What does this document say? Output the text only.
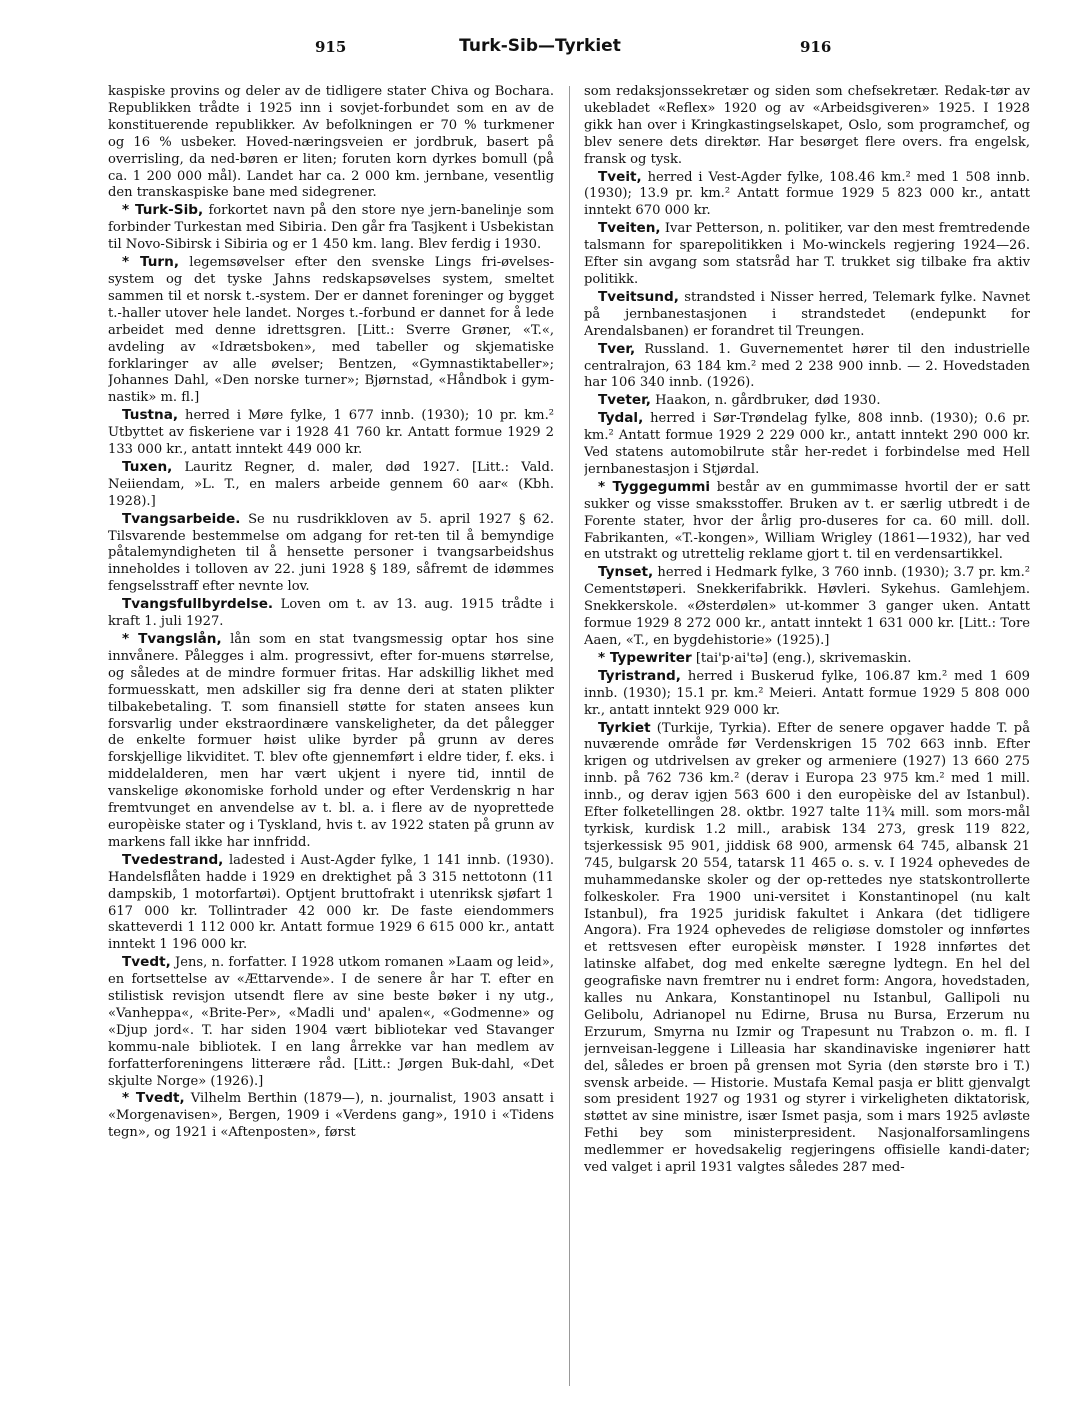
915	Turk-Sib—Tyrkiet	916

kaspiske provins og deler av de tidligere stater Chiva og Bochara. Republikken trådte i 1925 inn i sovjet-forbundet som en av de konstituerende republikker. Av befolkningen er 70 % turkmener og 16 % usbeker. Hoved-næringsveien er jordbruk, basert på overrisling, da ned-børen er liten; foruten korn dyrkes bomull (på ca. 1 200 000 mål). Landet har ca. 2 000 km. jernbane, vesentlig den transkaspiske bane med sidegrener.

* Turk-Sib, forkortet navn på den store nye jern-banelinje som forbinder Turkestan med Sibiria. Den går fra Tasjkent i Usbekistan til Novo-Sibirsk i Sibiria og er 1 450 km. lang. Blev ferdig i 1930.

* Turn, legemsøvelser efter den svenske Lings fri-øvelses-system og det tyske Jahns redskapsøvelses system, smeltet sammen til et norsk t.-system. Der er dannet foreninger og bygget t.-haller utover hele landet. Norges t.-forbund er dannet for å lede arbeidet med denne idrettsgren. [Litt.: Sverre Grøner, «T.«, avdeling av «Idrætsboken», med tabeller og skjematiske forklaringer av alle øvelser; Bentzen, «Gymnastiktabeller»; Johannes Dahl, «Den norske turner»; Bjørnstad, «Håndbok i gym-nastik» m. fl.]

Tustna, herred i Møre fylke, 1 677 innb. (1930); 10 pr. km.² Utbyttet av fiskeriene var i 1928 41 760 kr. Antatt formue 1929 2 133 000 kr., antatt inntekt 449 000 kr.

Tuxen, Lauritz Regner, d. maler, død 1927. [Litt.: Vald. Neiiendam, »L. T., en malers arbeide gennem 60 aar« (Kbh. 1928).]

Tvangsarbeide. Se nu rusdrikkloven av 5. april 1927 § 62. Tilsvarende bestemmelse om adgang for ret-ten til å bemyndige påtalemyndigheten til å hensette personer i tvangsarbeidshus inneholdes i tolloven av 22. juni 1928 § 189, såfremt de idømmes fengselsstraff efter nevnte lov.

Tvangsfullbyrdelse. Loven om t. av 13. aug. 1915 trådte i kraft 1. juli 1927.

* Tvangslån, lån som en stat tvangsmessig optar hos sine innvånere. Pålegges i alm. progressivt, efter for-muens størrelse, og således at de mindre formuer fritas. Har adskillig likhet med formuesskatt, men adskiller sig fra denne deri at staten plikter tilbakebetaling. T. som finansiell støtte for staten ansees kun forsvarlig under ekstraordinære vanskeligheter, da det pålegger de enkelte formuer høist ulike byrder på grunn av deres forskjellige likviditet. T. blev ofte gjennemført i eldre tider, f. eks. i middelalderen, men har vært ukjent i nyere tid, inntil de vanskelige økonomiske forhold under og efter Verdenskrig n har fremtvunget en anvendelse av t. bl. a. i flere av de nyoprettede europèiske stater og i Tyskland, hvis t. av 1922 staten på grunn av markens fall ikke har innfridd.

Tvedestrand, ladested i Aust-Agder fylke, 1 141 innb. (1930). Handelsflåten hadde i 1929 en drektighet på 3 315 nettotonn (11 dampskib, 1 motorfartøi). Optjent bruttofrakt i utenriksk sjøfart 1 617 000 kr. Tollintrader 42 000 kr. De faste eiendommers skatteverdi 1 112 000 kr. Antatt formue 1929 6 615 000 kr., antatt inntekt 1 196 000 kr.

Tvedt, Jens, n. forfatter. I 1928 utkom romanen »Laam og leid», en fortsettelse av «Ættarvende». I de senere år har T. efter en stilistisk revisjon utsendt flere av sine beste bøker i ny utg., «Vanheppa«, «Brite-Per», «Madli und' apalen«, «Godmenne» og «Djup jord«. T. har siden 1904 vært bibliotekar ved Stavanger kommu-nale bibliotek. I en lang årrekke var han medlem av forfatterforeningens litterære råd. [Litt.: Jørgen Buk-dahl, «Det skjulte Norge» (1926).]

* Tvedt, Vilhelm Berthin (1879—), n. journalist, 1903 ansatt i «Morgenavisen», Bergen, 1909 i «Verdens gang», 1910 i «Tidens tegn», og 1921 i «Aftenposten», først

som redaksjonssekretær og siden som chefsekretær. Redak-tør av ukebladet «Reflex» 1920 og av «Arbeidsgiveren» 1925. I 1928 gikk han over i Kringkastingselskapet, Oslo, som programchef, og blev senere dets direktør. Har besørget flere overs. fra engelsk, fransk og tysk.

Tveit, herred i Vest-Agder fylke, 108.46 km.² med 1 508 innb. (1930); 13.9 pr. km.² Antatt formue 1929 5 823 000 kr., antatt inntekt 670 000 kr.

Tveiten, Ivar Petterson, n. politiker, var den mest fremtredende talsmann for sparepolitikken i Mo-winckels regjering 1924—26. Efter sin avgang som statsråd har T. trukket sig tilbake fra aktiv politikk.

Tveitsund, strandsted i Nisser herred, Telemark fylke. Navnet på jernbanestasjonen i strandstedet (endepunkt for Arendalsbanen) er forandret til Treungen.

Tver, Russland. 1. Guvernementet hører til den industrielle centralrajon, 63 184 km.² med 2 238 900 innb. — 2. Hovedstaden har 106 340 innb. (1926).

Tveter, Haakon, n. gårdbruker, død 1930.

Tydal, herred i Sør-Trøndelag fylke, 808 innb. (1930); 0.6 pr. km.² Antatt formue 1929 2 229 000 kr., antatt inntekt 290 000 kr. Ved statens automobilrute står her-redet i forbindelse med Hell jernbanestasjon i Stjørdal.

* Tyggegummi består av en gummimasse hvortil der er satt sukker og visse smaksstoffer. Bruken av t. er særlig utbredt i de Forente stater, hvor der årlig pro-duseres for ca. 60 mill. doll. Fabrikanten, «T.-kongen», William Wrigley (1861—1932), har ved en utstrakt og utrettelig reklame gjort t. til en verdensartikkel.

Tynset, herred i Hedmark fylke, 3 760 innb. (1930); 3.7 pr. km.² Cementstøperi. Snekkerifabrikk. Høvleri. Sykehus. Gamlehjem. Snekkerskole. «Østerdølen» ut-kommer 3 ganger uken. Antatt formue 1929 8 272 000 kr., antatt inntekt 1 631 000 kr. [Litt.: Tore Aaen, «T., en bygdehistorie» (1925).]

* Typewriter [tai'p·ai'tə] (eng.), skrivemaskin.

Tyristrand, herred i Buskerud fylke, 106.87 km.² med 1 609 innb. (1930); 15.1 pr. km.² Meieri. Antatt formue 1929 5 808 000 kr., antatt inntekt 929 000 kr.

Tyrkiet (Turkije, Tyrkia). Efter de senere opgaver hadde T. på nuværende område før Verdenskrigen 15 702 663 innb. Efter krigen og utdrivelsen av greker og armeniere (1927) 13 660 275 innb. på 762 736 km.² (derav i Europa 23 975 km.² med 1 mill. innb., og derav igjen 563 600 i den europèiske del av Istanbul). Efter folketellingen 28. oktbr. 1927 talte 11¾ mill. som mors-mål tyrkisk, kurdisk 1.2 mill., arabisk 134 273, gresk 119 822, tsjerkessisk 95 901, jiddisk 68 900, armensk 64 745, albansk 21 745, bulgarsk 20 554, tatarsk 11 465 o. s. v. I 1924 ophevedes de muhammedanske skoler og der op-rettedes nye statskontrollerte folkeskoler. Fra 1900 uni-versitet i Konstantinopel (nu kalt Istanbul), fra 1925 juridisk fakultet i Ankara (det tidligere Angora). Fra 1924 ophevedes de religiøse domstoler og innførtes et rettsvesen efter europèisk mønster. I 1928 innførtes det latinske alfabet, dog med enkelte særegne lydtegn. En hel del geografiske navn fremtrer nu i endret form: Angora, hovedstaden, kalles nu Ankara, Konstantinopel nu Istanbul, Gallipoli nu Gelibolu, Adrianopel nu Edirne, Brusa nu Bursa, Erzerum nu Erzurum, Smyrna nu Izmir og Trapesunt nu Trabzon o. m. fl. I jernveisan-leggene i Lilleasia har skandinaviske ingeniører hatt del, således er broen på grensen mot Syria (den største bro i T.) svensk arbeide. — Historie. Mustafa Kemal pasja er blitt gjenvalgt som president 1927 og 1931 og styrer i virkeligheten diktatorisk, støttet av sine ministre, især Ismet pasja, som i mars 1925 avløste Fethi bey som ministerpresident. Nasjonalforsamlingens medlemmer er hovedsakelig regjeringens offisielle kandi-dater; ved valget i april 1931 valgtes således 287 med-
